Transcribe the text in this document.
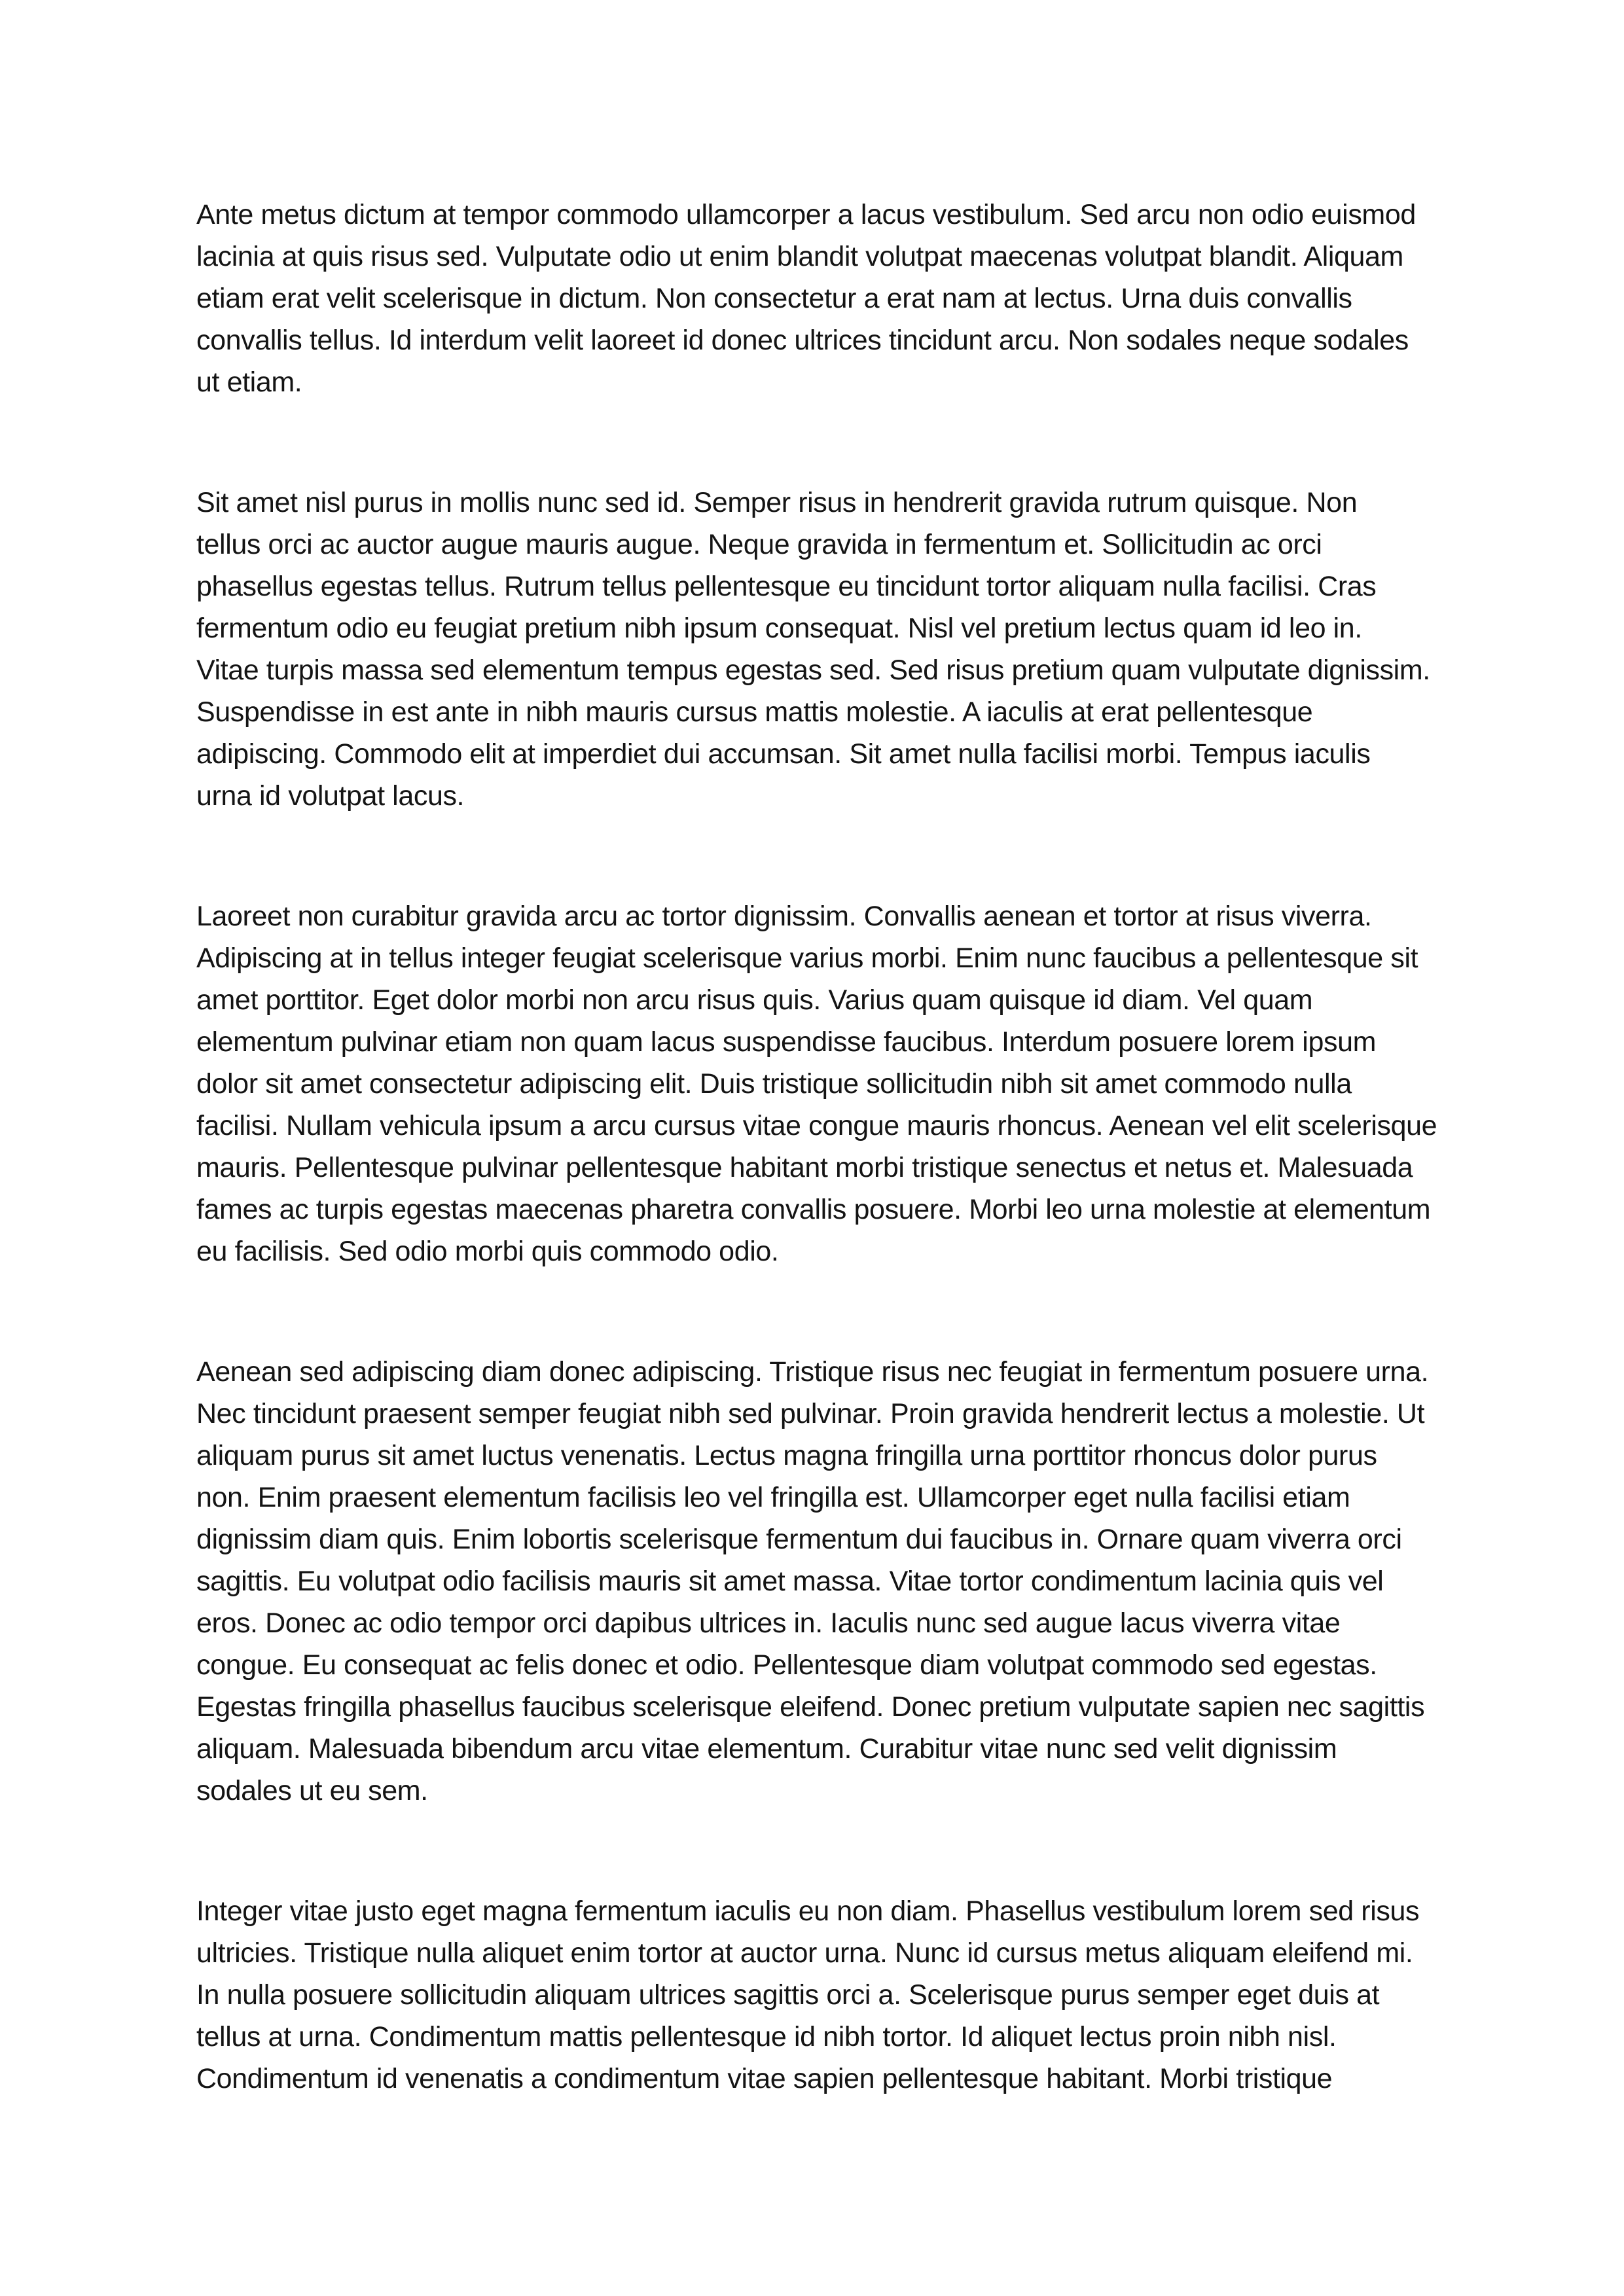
Ante metus dictum at tempor commodo ullamcorper a lacus vestibulum. Sed arcu non odio euismod
lacinia at quis risus sed. Vulputate odio ut enim blandit volutpat maecenas volutpat blandit. Aliquam
etiam erat velit scelerisque in dictum. Non consectetur a erat nam at lectus. Urna duis convallis
convallis tellus. Id interdum velit laoreet id donec ultrices tincidunt arcu. Non sodales neque sodales
ut etiam.

Sit amet nisl purus in mollis nunc sed id. Semper risus in hendrerit gravida rutrum quisque. Non
tellus orci ac auctor augue mauris augue. Neque gravida in fermentum et. Sollicitudin ac orci
phasellus egestas tellus. Rutrum tellus pellentesque eu tincidunt tortor aliquam nulla facilisi. Cras
fermentum odio eu feugiat pretium nibh ipsum consequat. Nisl vel pretium lectus quam id leo in.
Vitae turpis massa sed elementum tempus egestas sed. Sed risus pretium quam vulputate dignissim.
Suspendisse in est ante in nibh mauris cursus mattis molestie. A iaculis at erat pellentesque
adipiscing. Commodo elit at imperdiet dui accumsan. Sit amet nulla facilisi morbi. Tempus iaculis
urna id volutpat lacus.

Laoreet non curabitur gravida arcu ac tortor dignissim. Convallis aenean et tortor at risus viverra.
Adipiscing at in tellus integer feugiat scelerisque varius morbi. Enim nunc faucibus a pellentesque sit
amet porttitor. Eget dolor morbi non arcu risus quis. Varius quam quisque id diam. Vel quam
elementum pulvinar etiam non quam lacus suspendisse faucibus. Interdum posuere lorem ipsum
dolor sit amet consectetur adipiscing elit. Duis tristique sollicitudin nibh sit amet commodo nulla
facilisi. Nullam vehicula ipsum a arcu cursus vitae congue mauris rhoncus. Aenean vel elit scelerisque
mauris. Pellentesque pulvinar pellentesque habitant morbi tristique senectus et netus et. Malesuada
fames ac turpis egestas maecenas pharetra convallis posuere. Morbi leo urna molestie at elementum
eu facilisis. Sed odio morbi quis commodo odio.

Aenean sed adipiscing diam donec adipiscing. Tristique risus nec feugiat in fermentum posuere urna.
Nec tincidunt praesent semper feugiat nibh sed pulvinar. Proin gravida hendrerit lectus a molestie. Ut
aliquam purus sit amet luctus venenatis. Lectus magna fringilla urna porttitor rhoncus dolor purus
non. Enim praesent elementum facilisis leo vel fringilla est. Ullamcorper eget nulla facilisi etiam
dignissim diam quis. Enim lobortis scelerisque fermentum dui faucibus in. Ornare quam viverra orci
sagittis. Eu volutpat odio facilisis mauris sit amet massa. Vitae tortor condimentum lacinia quis vel
eros. Donec ac odio tempor orci dapibus ultrices in. Iaculis nunc sed augue lacus viverra vitae
congue. Eu consequat ac felis donec et odio. Pellentesque diam volutpat commodo sed egestas.
Egestas fringilla phasellus faucibus scelerisque eleifend. Donec pretium vulputate sapien nec sagittis
aliquam. Malesuada bibendum arcu vitae elementum. Curabitur vitae nunc sed velit dignissim
sodales ut eu sem.

Integer vitae justo eget magna fermentum iaculis eu non diam. Phasellus vestibulum lorem sed risus
ultricies. Tristique nulla aliquet enim tortor at auctor urna. Nunc id cursus metus aliquam eleifend mi.
In nulla posuere sollicitudin aliquam ultrices sagittis orci a. Scelerisque purus semper eget duis at
tellus at urna. Condimentum mattis pellentesque id nibh tortor. Id aliquet lectus proin nibh nisl.
Condimentum id venenatis a condimentum vitae sapien pellentesque habitant. Morbi tristique
